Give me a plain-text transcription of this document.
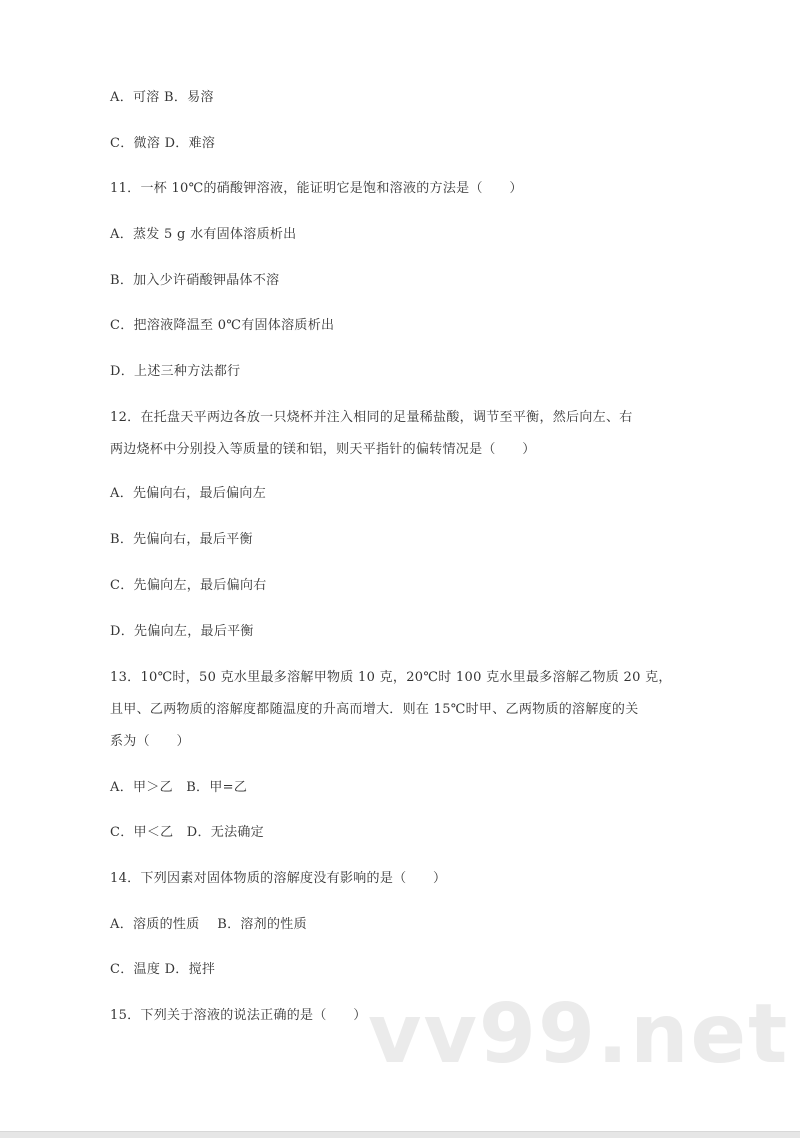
A．可溶 B．易溶
C．微溶 D．难溶
11．一杯 10℃的硝酸钾溶液，能证明它是饱和溶液的方法是（　　）
A．蒸发 5 g 水有固体溶质析出
B．加入少许硝酸钾晶体不溶
C．把溶液降温至 0℃有固体溶质析出
D．上述三种方法都行
12．在托盘天平两边各放一只烧杯并注入相同的足量稀盐酸，调节至平衡，然后向左、右
两边烧杯中分别投入等质量的镁和铝，则天平指针的偏转情况是（　　）
A．先偏向右，最后偏向左
B．先偏向右，最后平衡
C．先偏向左，最后偏向右
D．先偏向左，最后平衡
13．10℃时，50 克水里最多溶解甲物质 10 克，20℃时 100 克水里最多溶解乙物质 20 克，
且甲、乙两物质的溶解度都随温度的升高而增大．则在 15℃时甲、乙两物质的溶解度的关
系为（　　）
A．甲＞乙　B．甲=乙
C．甲＜乙　D．无法确定
14．下列因素对固体物质的溶解度没有影响的是（　　）
A．溶质的性质　 B．溶剂的性质
C．温度 D．搅拌
15．下列关于溶液的说法正确的是（　　） vv99.net
